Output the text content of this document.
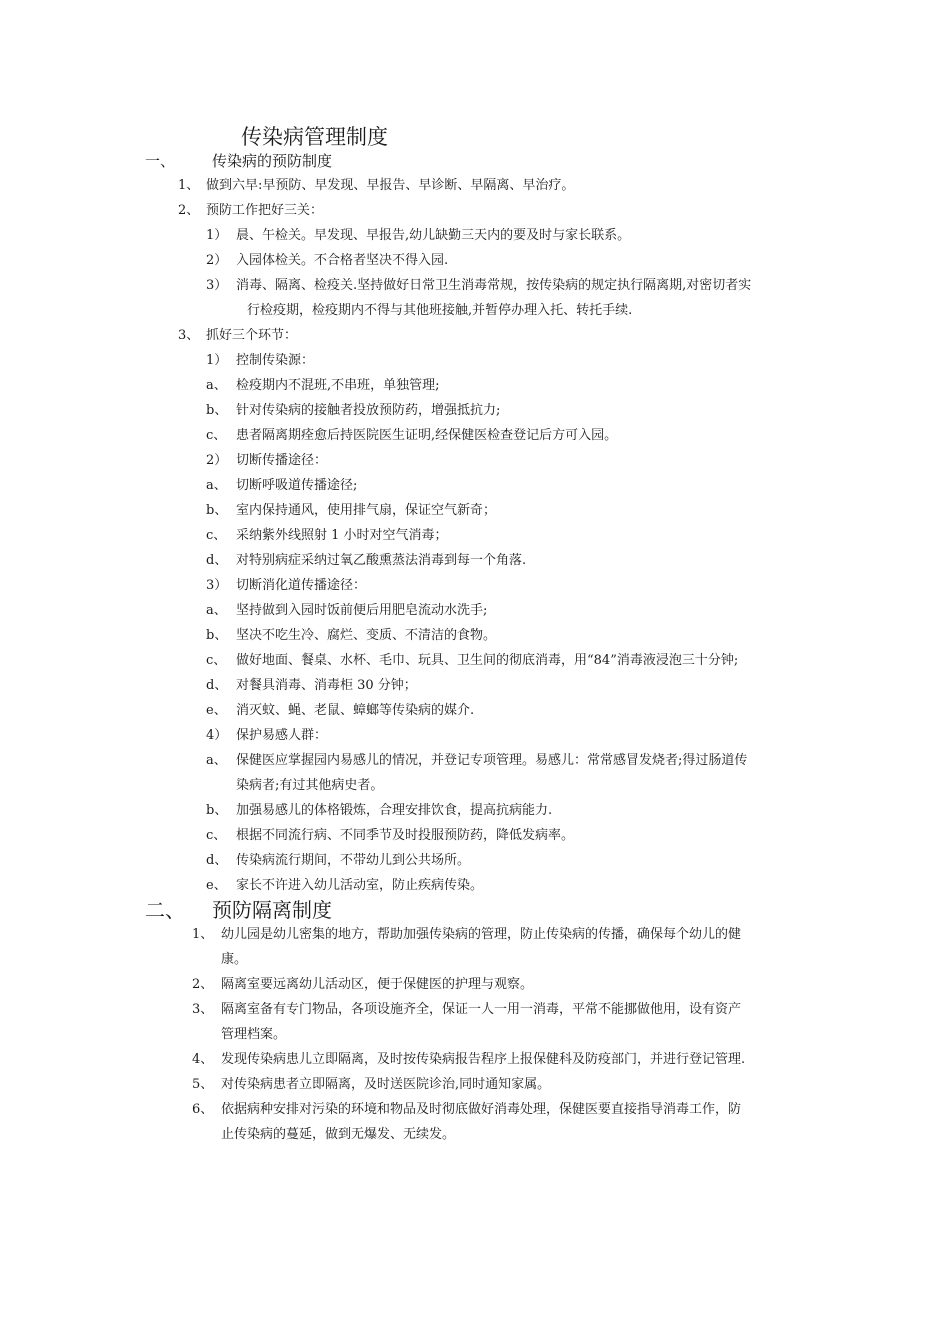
传染病管理制度
一、 传染病的预防制度
1、 做到六早:早预防、早发现、早报告、早诊断、早隔离、早治疗。
2、 预防工作把好三关：
1） 晨、午检关。早发现、早报告,幼儿缺勤三天内的要及时与家长联系。
2） 入园体检关。不合格者坚决不得入园.
3） 消毒、隔离、检疫关.坚持做好日常卫生消毒常规，按传染病的规定执行隔离期,对密切者实
行检疫期，检疫期内不得与其他班接触,并暂停办理入托、转托手续.
3、 抓好三个环节：
1） 控制传染源：
a、 检疫期内不混班,不串班，单独管理;
b、 针对传染病的接触者投放预防药，增强抵抗力;
c、 患者隔离期痊愈后持医院医生证明,经保健医检查登记后方可入园。
2） 切断传播途径：
a、 切断呼吸道传播途径;
b、 室内保持通风，使用排气扇，保证空气新奇；
c、 采纳紫外线照射 1 小时对空气消毒；
d、 对特别病症采纳过氧乙酸熏蒸法消毒到每一个角落.
3） 切断消化道传播途径：
a、 坚持做到入园时饭前便后用肥皂流动水洗手;
b、 坚决不吃生冷、腐烂、变质、不清洁的食物。
c、 做好地面、餐桌、水杯、毛巾、玩具、卫生间的彻底消毒，用“84”消毒液浸泡三十分钟;
d、 对餐具消毒、消毒柜 30 分钟；
e、 消灭蚊、蝇、老鼠、蟑螂等传染病的媒介.
4） 保护易感人群：
a、 保健医应掌握园内易感儿的情况，并登记专项管理。易感儿：常常感冒发烧者;得过肠道传
染病者;有过其他病史者。
b、 加强易感儿的体格锻炼，合理安排饮食，提高抗病能力.
c、 根据不同流行病、不同季节及时投服预防药，降低发病率。
d、 传染病流行期间，不带幼儿到公共场所。
e、 家长不许进入幼儿活动室，防止疾病传染。
二、 预防隔离制度
1、 幼儿园是幼儿密集的地方，帮助加强传染病的管理，防止传染病的传播，确保每个幼儿的健
康。
2、 隔离室要远离幼儿活动区，便于保健医的护理与观察。
3、 隔离室备有专门物品，各项设施齐全，保证一人一用一消毒，平常不能挪做他用，设有资产
管理档案。
4、 发现传染病患儿立即隔离，及时按传染病报告程序上报保健科及防疫部门，并进行登记管理.
5、 对传染病患者立即隔离，及时送医院诊治,同时通知家属。
6、 依据病种安排对污染的环境和物品及时彻底做好消毒处理，保健医要直接指导消毒工作，防
止传染病的蔓延，做到无爆发、无续发。
